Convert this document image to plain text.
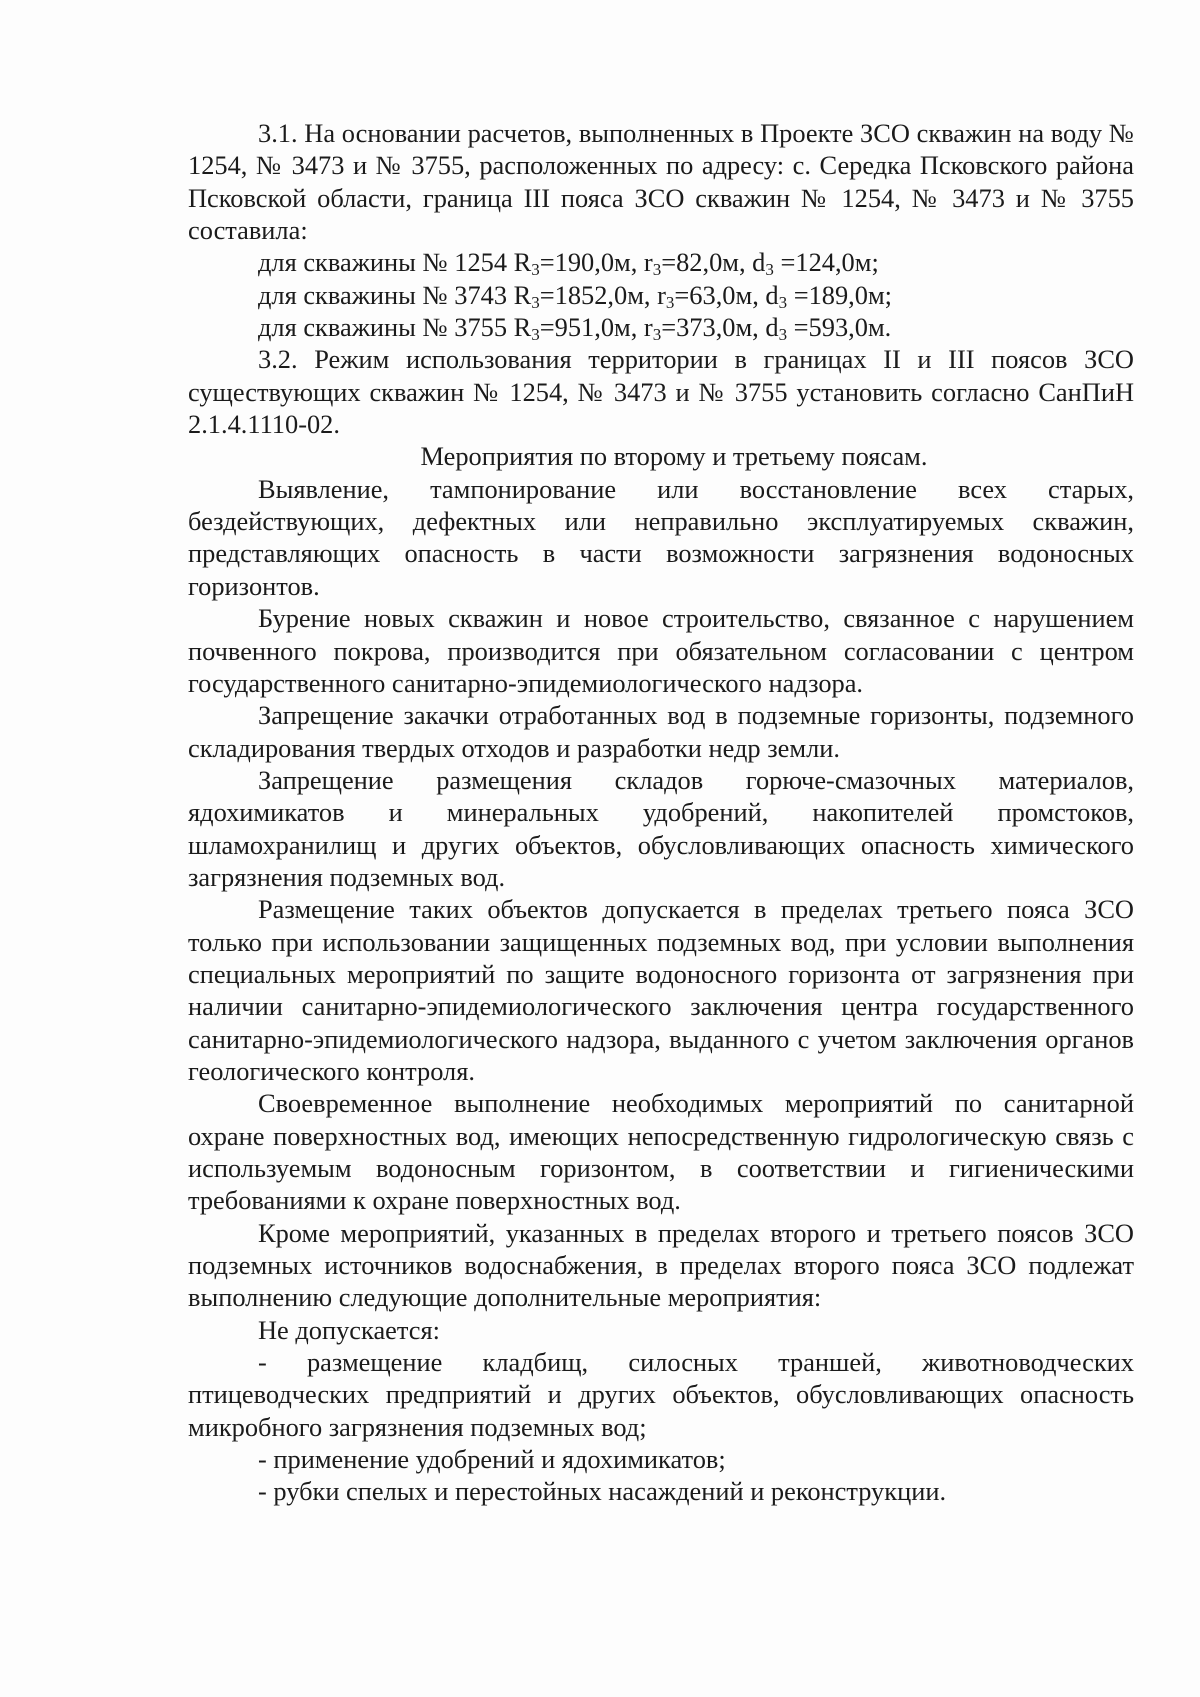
3.1. На основании расчетов, выполненных в Проекте ЗСО скважин на воду № 1254, № 3473 и № 3755, расположенных по адресу: с. Середка Псковского района Псковской области, граница III пояса ЗСО скважин № 1254, № 3473 и № 3755 составила:

для скважины № 1254 R3=190,0м, r3=82,0м, d3 =124,0м;

для скважины № 3743 R3=1852,0м, r3=63,0м, d3 =189,0м;

для скважины № 3755 R3=951,0м, r3=373,0м, d3 =593,0м.

3.2. Режим использования территории в границах II и III поясов ЗСО существующих скважин № 1254, № 3473 и № 3755 установить согласно СанПиН 2.1.4.1110-02.

Мероприятия по второму и третьему поясам.

Выявление, тампонирование или восстановление всех старых, бездействующих, дефектных или неправильно эксплуатируемых скважин, представляющих опасность в части возможности загрязнения водоносных горизонтов.

Бурение новых скважин и новое строительство, связанное с нарушением почвенного покрова, производится при обязательном согласовании с центром государственного санитарно-эпидемиологического надзора.

Запрещение закачки отработанных вод в подземные горизонты, подземного складирования твердых отходов и разработки недр земли.

Запрещение размещения складов горюче-смазочных материалов, ядохимикатов и минеральных удобрений, накопителей промстоков, шламохранилищ и других объектов, обусловливающих опасность химического загрязнения подземных вод.

Размещение таких объектов допускается в пределах третьего пояса ЗСО только при использовании защищенных подземных вод, при условии выполнения специальных мероприятий по защите водоносного горизонта от загрязнения при наличии санитарно-эпидемиологического заключения центра государственного санитарно-эпидемиологического надзора, выданного с учетом заключения органов геологического контроля.

Своевременное выполнение необходимых мероприятий по санитарной охране поверхностных вод, имеющих непосредственную гидрологическую связь с используемым водоносным горизонтом, в соответствии и гигиеническими требованиями к охране поверхностных вод.

Кроме мероприятий, указанных в пределах второго и третьего поясов ЗСО подземных источников водоснабжения, в пределах второго пояса ЗСО подлежат выполнению следующие дополнительные мероприятия:

Не допускается:

- размещение кладбищ, силосных траншей, животноводческих птицеводческих предприятий и других объектов, обусловливающих опасность микробного загрязнения подземных вод;

- применение удобрений и ядохимикатов;

- рубки спелых и перестойных насаждений и реконструкции.
